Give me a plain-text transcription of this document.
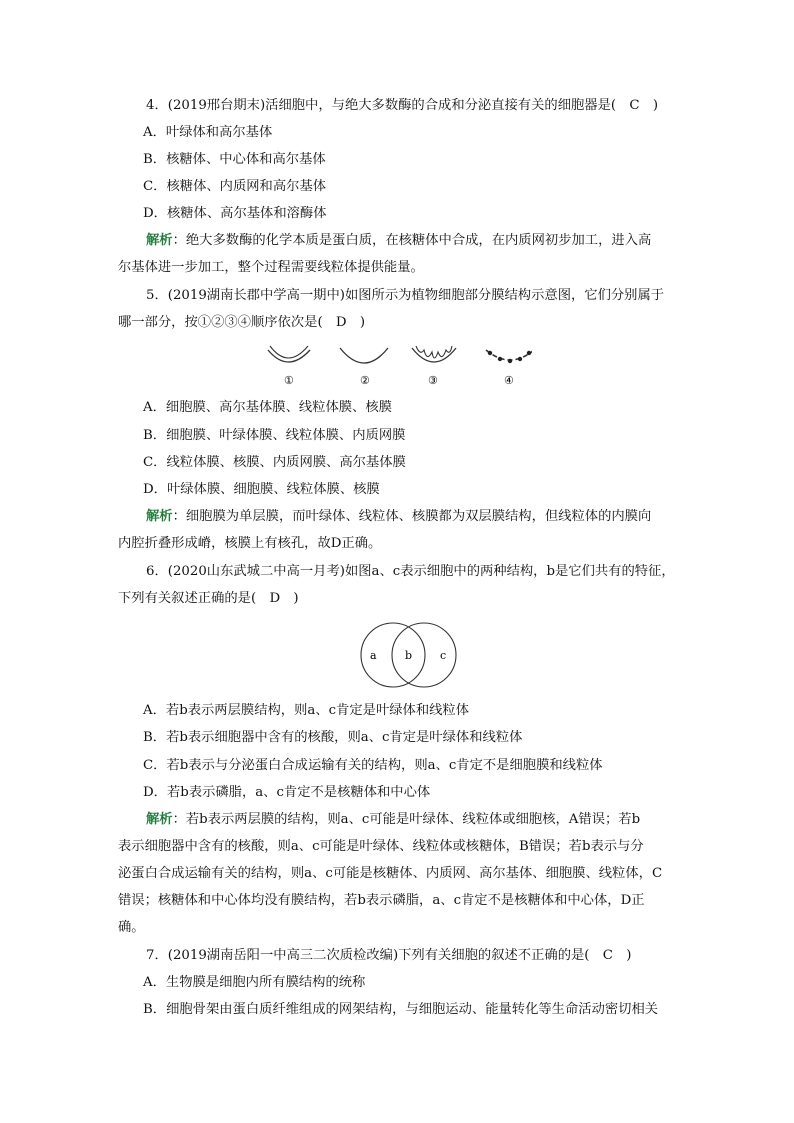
4．(2019邢台期末)活细胞中，与绝大多数酶的合成和分泌直接有关的细胞器是(　C　)
A．叶绿体和高尔基体
B．核糖体、中心体和高尔基体
C．核糖体、内质网和高尔基体
D．核糖体、高尔基体和溶酶体
解析：绝大多数酶的化学本质是蛋白质，在核糖体中合成，在内质网初步加工，进入高
尔基体进一步加工，整个过程需要线粒体提供能量。
5．(2019湖南长郡中学高一期中)如图所示为植物细胞部分膜结构示意图，它们分别属于
哪一部分，按①②③④顺序依次是(　D　)
①	②	③	④
A．细胞膜、高尔基体膜、线粒体膜、核膜
B．细胞膜、叶绿体膜、线粒体膜、内质网膜
C．线粒体膜、核膜、内质网膜、高尔基体膜
D．叶绿体膜、细胞膜、线粒体膜、核膜
解析：细胞膜为单层膜，而叶绿体、线粒体、核膜都为双层膜结构，但线粒体的内膜向
内腔折叠形成嵴，核膜上有核孔，故D正确。
6．(2020山东武城二中高一月考)如图a、c表示细胞中的两种结构，b是它们共有的特征，
下列有关叙述正确的是(　D　)
a	b	c
A．若b表示两层膜结构，则a、c肯定是叶绿体和线粒体
B．若b表示细胞器中含有的核酸，则a、c肯定是叶绿体和线粒体
C．若b表示与分泌蛋白合成运输有关的结构，则a、c肯定不是细胞膜和线粒体
D．若b表示磷脂，a、c肯定不是核糖体和中心体
解析：若b表示两层膜的结构，则a、c可能是叶绿体、线粒体或细胞核，A错误；若b
表示细胞器中含有的核酸，则a、c可能是叶绿体、线粒体或核糖体，B错误；若b表示与分
泌蛋白合成运输有关的结构，则a、c可能是核糖体、内质网、高尔基体、细胞膜、线粒体，C
错误；核糖体和中心体均没有膜结构，若b表示磷脂，a、c肯定不是核糖体和中心体，D正
确。
7．(2019湖南岳阳一中高三二次质检改编)下列有关细胞的叙述不正确的是(　C　)
A．生物膜是细胞内所有膜结构的统称
B．细胞骨架由蛋白质纤维组成的网架结构，与细胞运动、能量转化等生命活动密切相关
